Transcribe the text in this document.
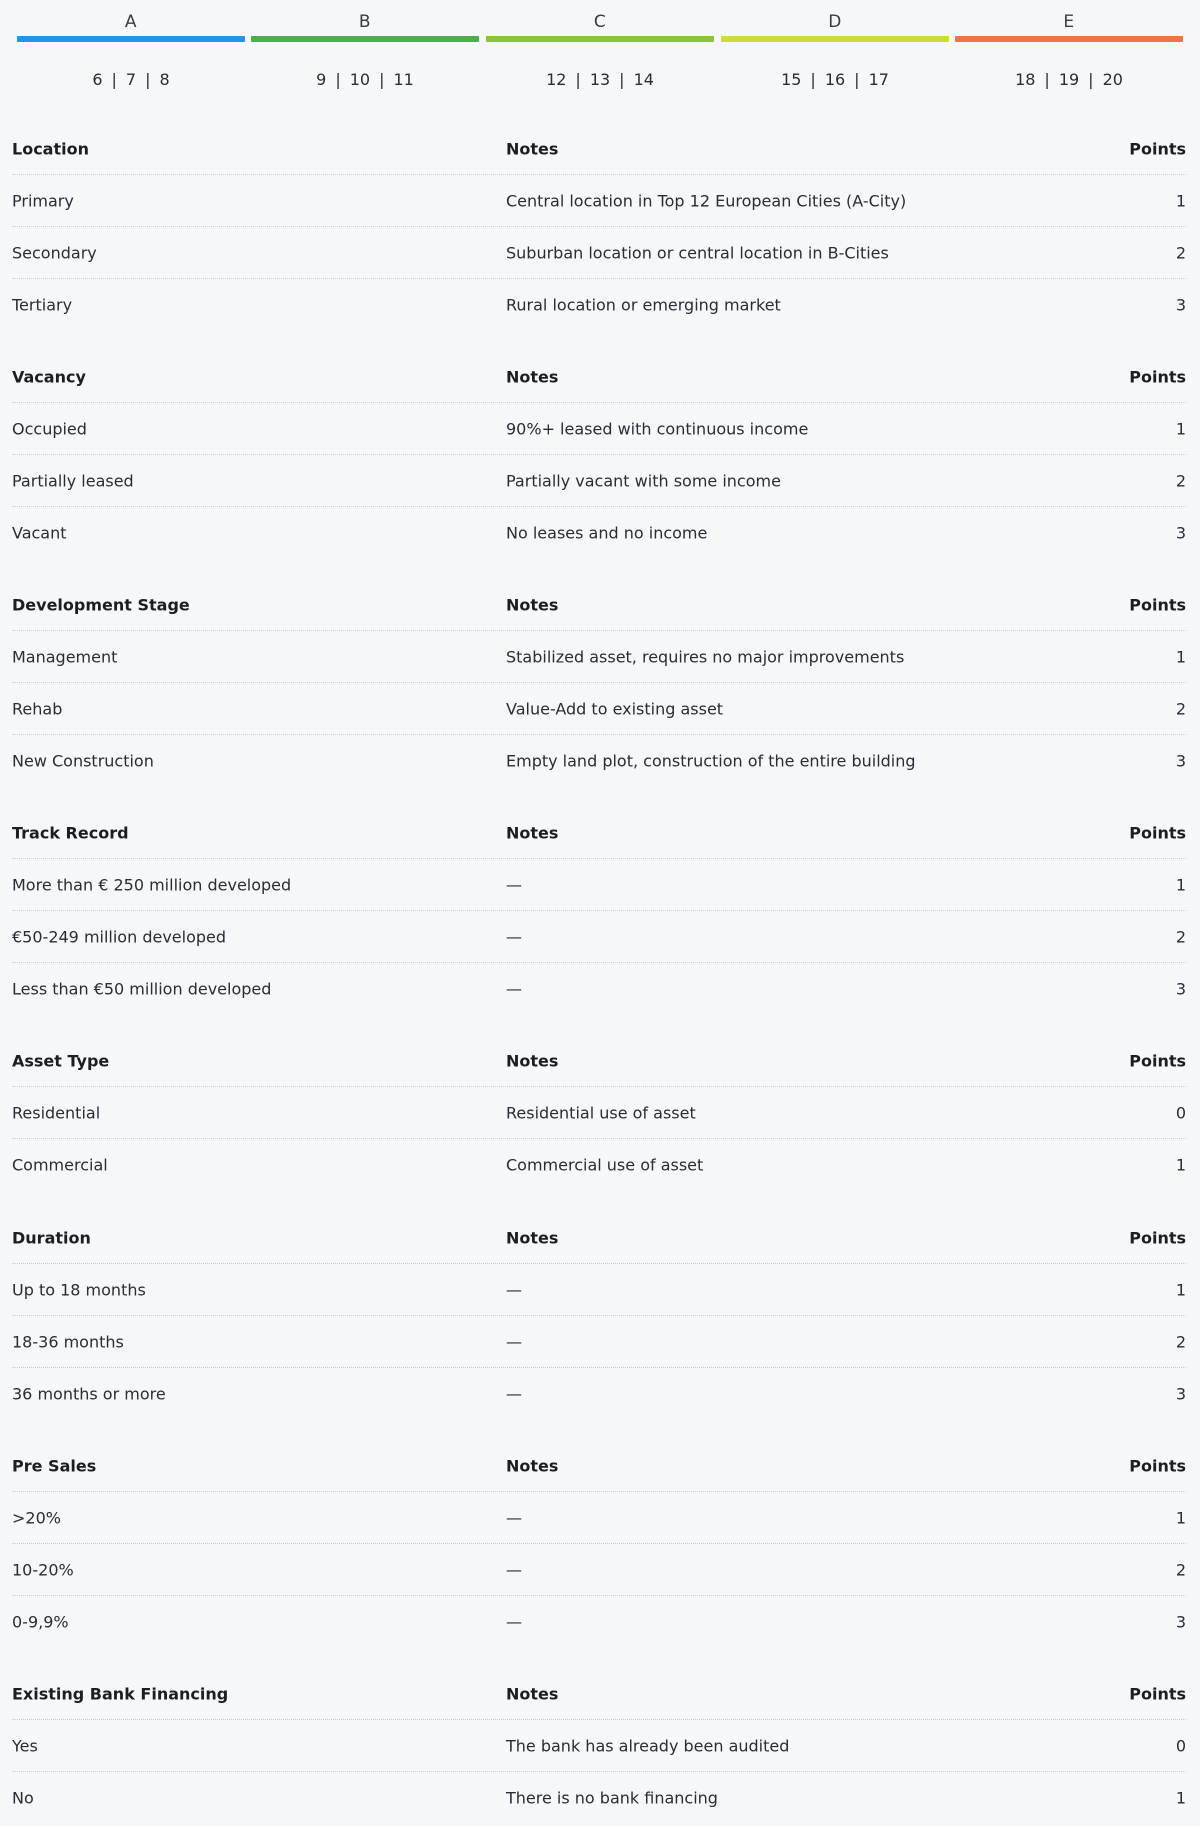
A
6 | 7 | 8
B
9 | 10 | 11
C
12 | 13 | 14
D
15 | 16 | 17
E
18 | 19 | 20
Location	Notes	Points
Primary	Central location in Top 12 European Cities (A-City)	1
Secondary	Suburban location or central location in B-Cities	2
Tertiary	Rural location or emerging market	3
Vacancy	Notes	Points
Occupied	90%+ leased with continuous income	1
Partially leased	Partially vacant with some income	2
Vacant	No leases and no income	3
Development Stage	Notes	Points
Management	Stabilized asset, requires no major improvements	1
Rehab	Value-Add to existing asset	2
New Construction	Empty land plot, construction of the entire building	3
Track Record	Notes	Points
More than € 250 million developed	—	1
€50-249 million developed	—	2
Less than €50 million developed	—	3
Asset Type	Notes	Points
Residential	Residential use of asset	0
Commercial	Commercial use of asset	1
Duration	Notes	Points
Up to 18 months	—	1
18-36 months	—	2
36 months or more	—	3
Pre Sales	Notes	Points
>20%	—	1
10-20%	—	2
0-9,9%	—	3
Existing Bank Financing	Notes	Points
Yes	The bank has already been audited	0
No	There is no bank financing	1
